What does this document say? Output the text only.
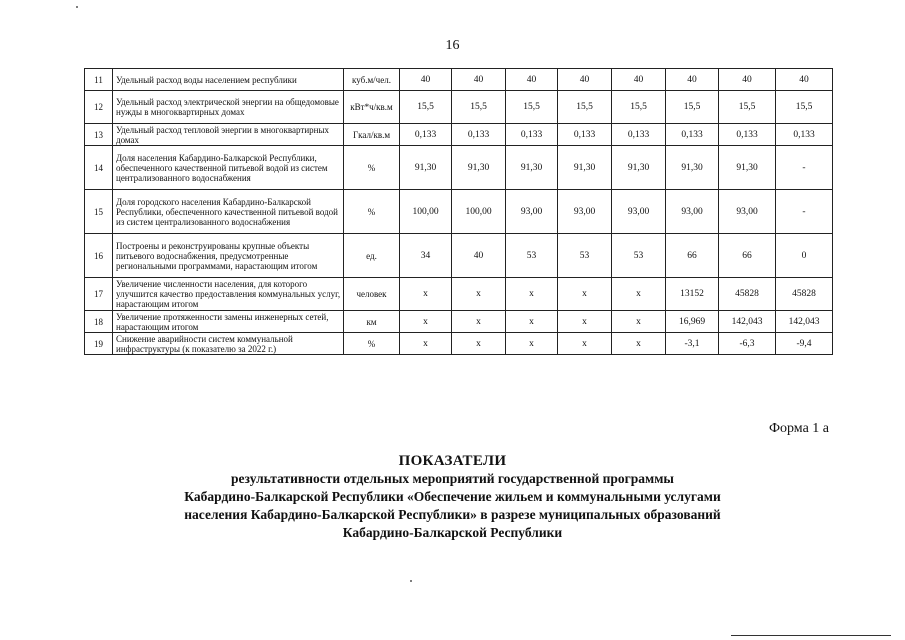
16
11	Удельный расход воды населением республики	куб.м/чел.	40	40	40	40	40	40	40	40
12	Удельный расход электрической энергии на общедомовые нужды в многоквартирных домах	кВт*ч/кв.м	15,5	15,5	15,5	15,5	15,5	15,5	15,5	15,5
13	Удельный расход тепловой энергии в многоквартирных домах	Гкал/кв.м	0,133	0,133	0,133	0,133	0,133	0,133	0,133	0,133
14	Доля населения Кабардино-Балкарской Республики, обеспеченного качественной питьевой водой из систем централизованного водоснабжения	%	91,30	91,30	91,30	91,30	91,30	91,30	91,30	-
15	Доля городского населения Кабардино-Балкарской Республики, обеспеченного качественной питьевой водой из систем централизованного водоснабжения	%	100,00	100,00	93,00	93,00	93,00	93,00	93,00	-
16	Построены и реконструированы крупные объекты питьевого водоснабжения, предусмотренные региональными программами, нарастающим итогом	ед.	34	40	53	53	53	66	66	0
17	Увеличение численности населения, для которого улучшится качество предоставления коммунальных услуг, нарастающим итогом	человек	х	х	х	х	х	13152	45828	45828
18	Увеличение протяженности замены инженерных сетей, нарастающим итогом	км	х	х	х	х	х	16,969	142,043	142,043
19	Снижение аварийности систем коммунальной инфраструктуры (к показателю за 2022 г.)	%	х	х	х	х	х	-3,1	-6,3	-9,4
Форма 1 а
ПОКАЗАТЕЛИ
результативности отдельных мероприятий государственной программы
Кабардино-Балкарской Республики «Обеспечение жильем и коммунальными услугами
населения Кабардино-Балкарской Республики» в разрезе муниципальных образований
Кабардино-Балкарской Республики
